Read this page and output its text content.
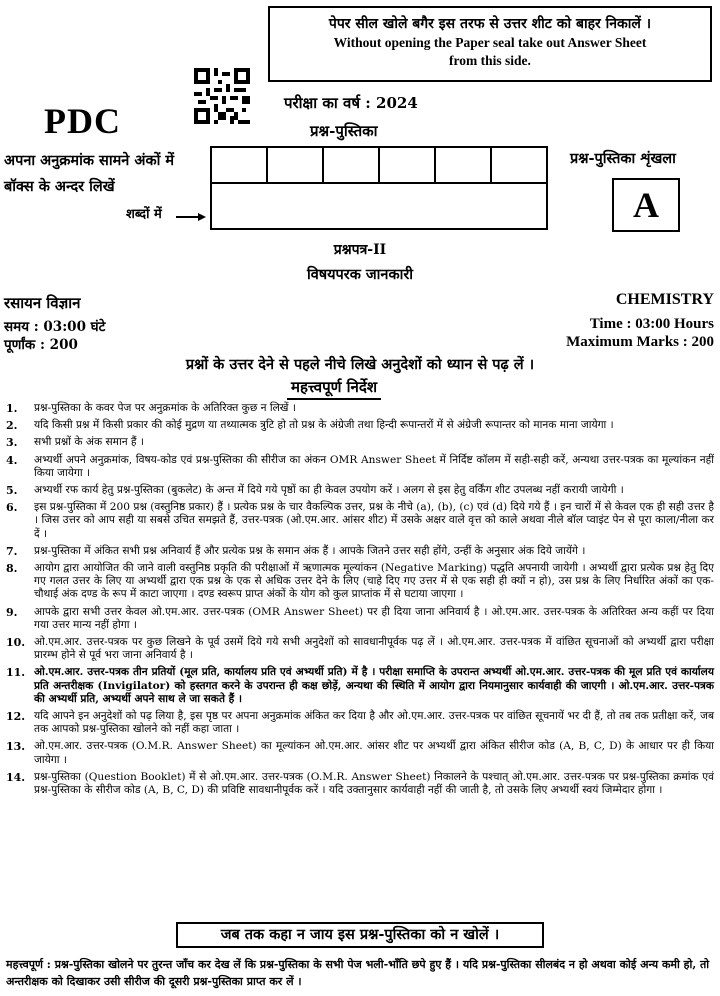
पेपर सील खोले बगैर इस तरफ से उत्तर शीट को बाहर निकालें ।
Without opening the Paper seal take out Answer Sheet
from this side.
PDC	परीक्षा का वर्ष : 2024
प्रश्न-पुस्तिका
अपना अनुक्रमांक सामने अंकों में
बॉक्स के अन्दर लिखें
शब्दों में
प्रश्न-पुस्तिका शृंखला
A
प्रश्नपत्र-II
विषयपरक जानकारी
रसायन विज्ञान	CHEMISTRY
समय : 03:00 घंटे
पूर्णांक : 200
Time : 03:00 Hours
Maximum Marks : 200
प्रश्नों के उत्तर देने से पहले नीचे लिखे अनुदेशों को ध्यान से पढ़ लें ।
महत्त्वपूर्ण निर्देश
1.	प्रश्न-पुस्तिका के कवर पेज पर अनुक्रमांक के अतिरिक्त कुछ न लिखें ।
2.	यदि किसी प्रश्न में किसी प्रकार की कोई मुद्रण या तथ्यात्मक त्रुटि हो तो प्रश्न के अंग्रेजी तथा हिन्दी रूपान्तरों में से अंग्रेजी रूपान्तर को मानक माना जायेगा ।
3.	सभी प्रश्नों के अंक समान हैं ।
4.	अभ्यर्थी अपने अनुक्रमांक, विषय-कोड एवं प्रश्न-पुस्तिका की सीरीज का अंकन OMR Answer Sheet में निर्दिष्ट कॉलम में सही-सही करें, अन्यथा उत्तर-पत्रक का मूल्यांकन नहीं किया जायेगा ।
5.	अभ्यर्थी रफ कार्य हेतु प्रश्न-पुस्तिका (बुकलेट) के अन्त में दिये गये पृष्ठों का ही केवल उपयोग करें । अलग से इस हेतु वर्किंग शीट उपलब्ध नहीं करायी जायेगी ।
6.	इस प्रश्न-पुस्तिका में 200 प्रश्न (वस्तुनिष्ठ प्रकार) हैं । प्रत्येक प्रश्न के चार वैकल्पिक उत्तर, प्रश्न के नीचे (a), (b), (c) एवं (d) दिये गये हैं । इन चारों में से केवल एक ही सही उत्तर है । जिस उत्तर को आप सही या सबसे उचित समझते हैं, उत्तर-पत्रक (ओ.एम.आर. आंसर शीट) में उसके अक्षर वाले वृत्त को काले अथवा नीले बॉल प्वाइंट पेन से पूरा काला/नीला कर दें ।
7.	प्रश्न-पुस्तिका में अंकित सभी प्रश्न अनिवार्य हैं और प्रत्येक प्रश्न के समान अंक हैं । आपके जितने उत्तर सही होंगे, उन्हीं के अनुसार अंक दिये जायेंगे ।
8.	आयोग द्वारा आयोजित की जाने वाली वस्तुनिष्ठ प्रकृति की परीक्षाओं में ऋणात्मक मूल्यांकन (Negative Marking) पद्धति अपनायी जायेगी । अभ्यर्थी द्वारा प्रत्येक प्रश्न हेतु दिए गए गलत उत्तर के लिए या अभ्यर्थी द्वारा एक प्रश्न के एक से अधिक उत्तर देने के लिए (चाहे दिए गए उत्तर में से एक सही ही क्यों न हो), उस प्रश्न के लिए निर्धारित अंकों का एक-चौथाई अंक दण्ड के रूप में काटा जाएगा । दण्ड स्वरूप प्राप्त अंकों के योग को कुल प्राप्तांक में से घटाया जाएगा ।
9.	आपके द्वारा सभी उत्तर केवल ओ.एम.आर. उत्तर-पत्रक (OMR Answer Sheet) पर ही दिया जाना अनिवार्य है । ओ.एम.आर. उत्तर-पत्रक के अतिरिक्त अन्य कहीं पर दिया गया उत्तर मान्य नहीं होगा ।
10. ओ.एम.आर. उत्तर-पत्रक पर कुछ लिखने के पूर्व उसमें दिये गये सभी अनुदेशों को सावधानीपूर्वक पढ़ लें । ओ.एम.आर. उत्तर-पत्रक में वांछित सूचनाओं को अभ्यर्थी द्वारा परीक्षा प्रारम्भ होने से पूर्व भरा जाना अनिवार्य है ।
11. ओ.एम.आर. उत्तर-पत्रक तीन प्रतियों (मूल प्रति, कार्यालय प्रति एवं अभ्यर्थी प्रति) में है । परीक्षा समाप्ति के उपरान्त अभ्यर्थी ओ.एम.आर. उत्तर-पत्रक की मूल प्रति एवं कार्यालय प्रति अन्तरीक्षक (Invigilator) को हस्तगत करने के उपरान्त ही कक्ष छोड़ें, अन्यथा की स्थिति में आयोग द्वारा नियमानुसार कार्यवाही की जाएगी । ओ.एम.आर. उत्तर-पत्रक की अभ्यर्थी प्रति, अभ्यर्थी अपने साथ ले जा सकते हैं ।
12. यदि आपने इन अनुदेशों को पढ़ लिया है, इस पृष्ठ पर अपना अनुक्रमांक अंकित कर दिया है और ओ.एम.आर. उत्तर-पत्रक पर वांछित सूचनायें भर दी हैं, तो तब तक प्रतीक्षा करें, जब तक आपको प्रश्न-पुस्तिका खोलने को नहीं कहा जाता ।
13. ओ.एम.आर. उत्तर-पत्रक (O.M.R. Answer Sheet) का मूल्यांकन ओ.एम.आर. आंसर शीट पर अभ्यर्थी द्वारा अंकित सीरीज कोड (A, B, C, D) के आधार पर ही किया जायेगा ।
14. प्रश्न-पुस्तिका (Question Booklet) में से ओ.एम.आर. उत्तर-पत्रक (O.M.R. Answer Sheet) निकालने के पश्चात् ओ.एम.आर. उत्तर-पत्रक पर प्रश्न-पुस्तिका क्रमांक एवं प्रश्न-पुस्तिका के सीरीज कोड (A, B, C, D) की प्रविष्टि सावधानीपूर्वक करें । यदि उक्तानुसार कार्यवाही नहीं की जाती है, तो उसके लिए अभ्यर्थी स्वयं जिम्मेदार होगा ।
जब तक कहा न जाय इस प्रश्न-पुस्तिका को न खोलें ।
महत्त्वपूर्ण : प्रश्न-पुस्तिका खोलने पर तुरन्त जाँच कर देख लें कि प्रश्न-पुस्तिका के सभी पेज भली-भाँति छपे हुए हैं । यदि प्रश्न-पुस्तिका सीलबंद न हो अथवा कोई अन्य कमी हो, तो अन्तरीक्षक को दिखाकर उसी सीरीज की दूसरी प्रश्न-पुस्तिका प्राप्त कर लें ।
